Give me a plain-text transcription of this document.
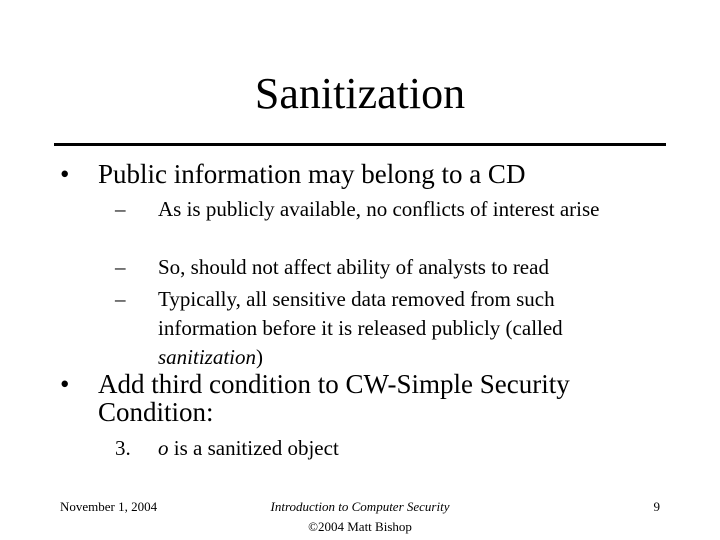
Sanitization
• Public information may belong to a CD
– As is publicly available, no conflicts of interest arise
– So, should not affect ability of analysts to read
– Typically, all sensitive data removed from such information before it is released publicly (called sanitization)
• Add third condition to CW-Simple Security Condition:
3. o is a sanitized object
November 1, 2004	Introduction to Computer Security
©2004 Matt Bishop
9
